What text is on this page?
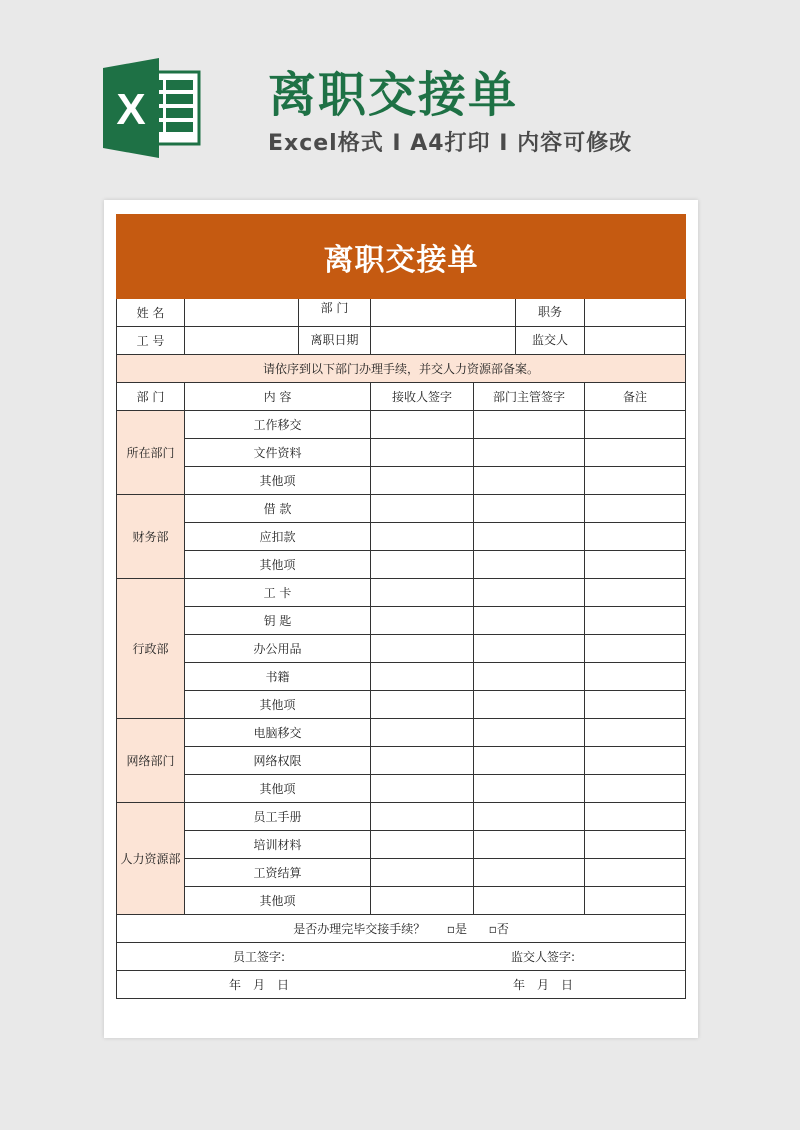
X	离职交接单
Excel格式 I A4打印 I 内容可修改
离职交接单				
姓 名	部 门	职务		

工 号	离职日期	监交人		

请依序到以下部门办理手续，并交人力资源部备案。				
部 门	内 容	接收人签字	部门主管签字	备注
所在部门	工作移交			
	文件资料			
	其他项			
财务部	借 款			
	应扣款			
	其他项			
行政部	工 卡			
	钥 匙			
	办公用品			
	书籍			
	其他项			
网络部门	电脑移交			
	网络权限			
	其他项			
人力资源部	员工手册			
	培训材料			
	工资结算			
	其他项			
是否办理完毕交接手续？ ▫是 ▫否				

员工签字: 监交人签字:				

年　月　日 年　月　日				
